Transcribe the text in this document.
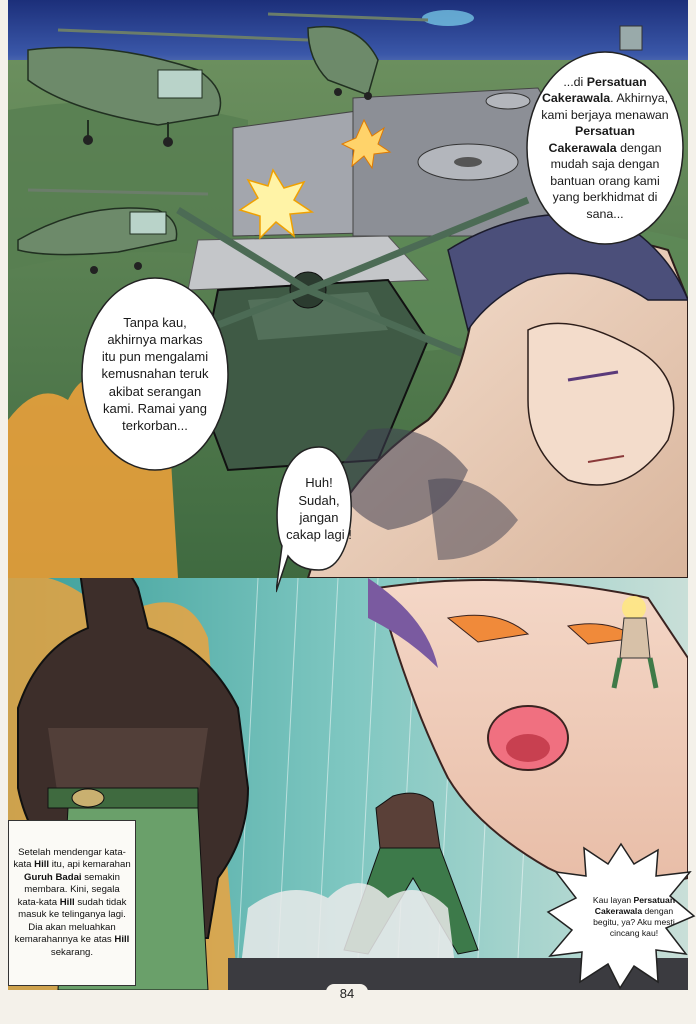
...di Persatuan Cakerawala. Akhirnya, kami berjaya menawan Persatuan Cakerawala dengan mudah saja dengan bantuan orang kami yang berkhidmat di sana...
Tanpa kau, akhirnya markas itu pun mengalami kemusnahan teruk akibat serangan kami. Ramai yang terkorban...
Huh! Sudah, jangan cakap lagi !
Setelah mendengar kata-kata Hill itu, api kemarahan Guruh Badai semakin membara. Kini, segala kata-kata Hill sudah tidak masuk ke telinganya lagi. Dia akan meluahkan kemarahannya ke atas Hill sekarang.
Kau layan Persatuan Cakerawala dengan begitu, ya? Aku mesti cincang kau!
84
